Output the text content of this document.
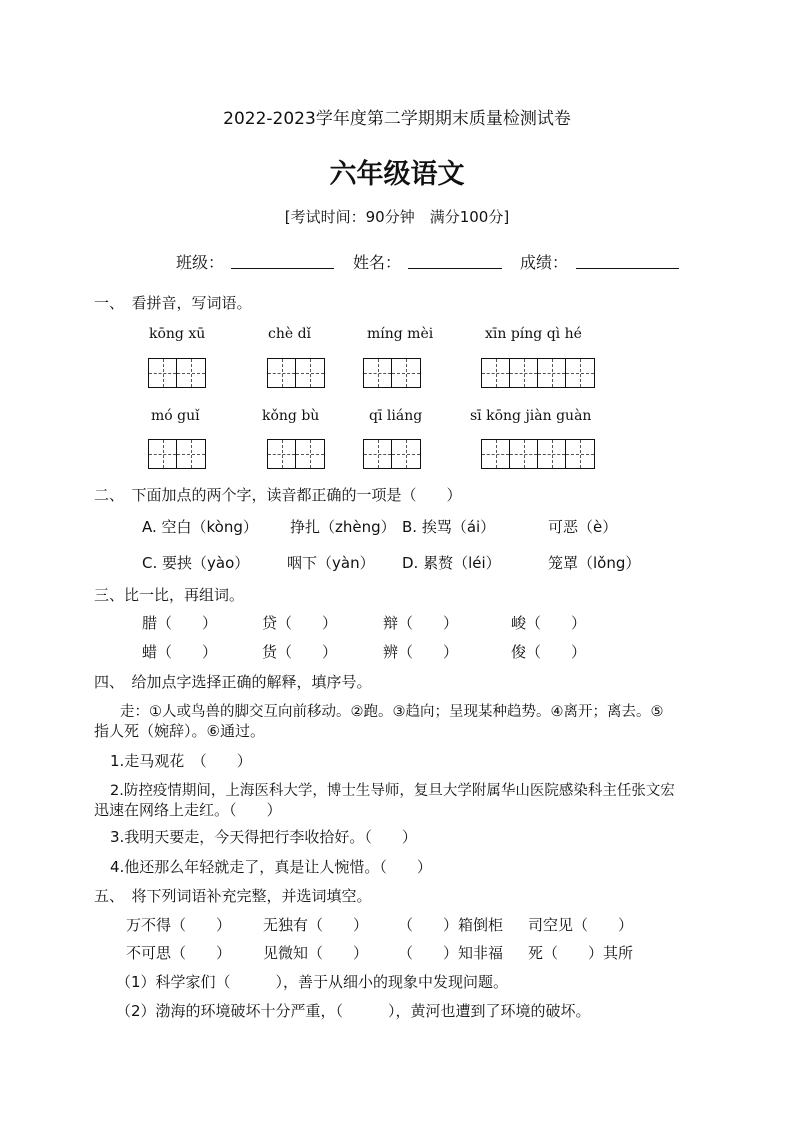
2022-2023学年度第二学期期末质量检测试卷
六年级语文
[考试时间：90分钟　满分100分]
班级：	姓名：	成绩：
一、　看拼音，写词语。
kōng xū	chè dǐ	míng mèi	xīn píng qì hé
mó guǐ	kǒng bù	qī liáng	sī kōng jiàn guàn
二、　下面加点的两个字，读音都正确的一项是（　　）
A. 空白（kòng） 挣扎（zhèng） B. 挨骂（ái）	可恶（è）
C. 要挟（yào）	咽下（yàn） D. 累赘（léi）	笼罩（lǒng）
三、比一比，再组词。
腊（　　）	贷（　　）	辩（　　）	峻（　　）
蜡（　　）	货（　　）	辨（　　）	俊（　　）
四、　给加点字选择正确的解释，填序号。
走：①人或鸟兽的脚交互向前移动。②跑。③趋向；呈现某种趋势。④离开；离去。⑤
指人死（婉辞）。⑥通过。
1.走马观花　（　　）
2.防控疫情期间，上海医科大学，博士生导师，复旦大学附属华山医院感染科主任张文宏
迅速在网络上走红。（　　）
3.我明天要走，今天得把行李收拾好。（　　）
4.他还那么年轻就走了，真是让人惋惜。（　　）
五、　将下列词语补充完整，并选词填空。
万不得（　　） 无独有（　　） （　　）箱倒柜 司空见（　　）
不可思（　　） 见微知（　　） （　　）知非福 死（　　）其所
（1）科学家们（　　　），善于从细小的现象中发现问题。
（2）渤海的环境破坏十分严重，（　　　），黄河也遭到了环境的破坏。
